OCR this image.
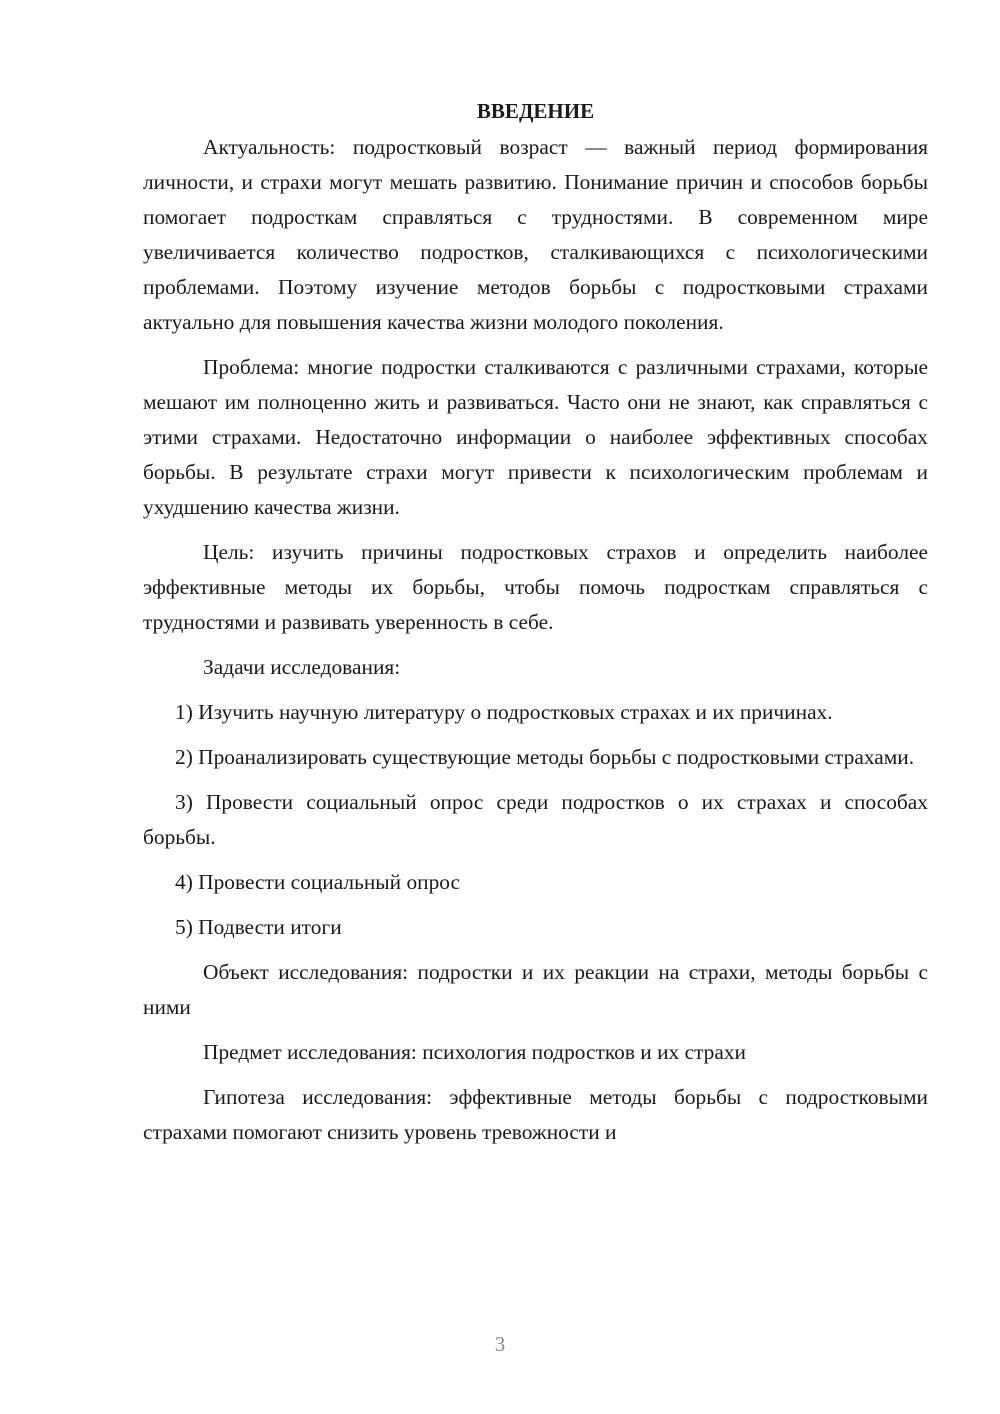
ВВЕДЕНИЕ

Актуальность: подростковый возраст — важный период формирования личности, и страхи могут мешать развитию. Понимание причин и способов борьбы помогает подросткам справляться с трудностями. В современном мире увеличивается количество подростков, сталкивающихся с психологическими проблемами. Поэтому изучение методов борьбы с подростковыми страхами актуально для повышения качества жизни молодого поколения.

Проблема: многие подростки сталкиваются с различными страхами, которые мешают им полноценно жить и развиваться. Часто они не знают, как справляться с этими страхами. Недостаточно информации о наиболее эффективных способах борьбы. В результате страхи могут привести к психологическим проблемам и ухудшению качества жизни.

Цель: изучить причины подростковых страхов и определить наиболее эффективные методы их борьбы, чтобы помочь подросткам справляться с трудностями и развивать уверенность в себе.

Задачи исследования:

1) Изучить научную литературу о подростковых страхах и их причинах.

2) Проанализировать существующие методы борьбы с подростковыми страхами.

3) Провести социальный опрос среди подростков о их страхах и способах борьбы.

4) Провести социальный опрос

5) Подвести итоги

Объект исследования: подростки и их реакции на страхи, методы борьбы с ними

Предмет исследования: психология подростков и их страхи

Гипотеза исследования: эффективные методы борьбы с подростковыми страхами помогают снизить уровень тревожности и

3
